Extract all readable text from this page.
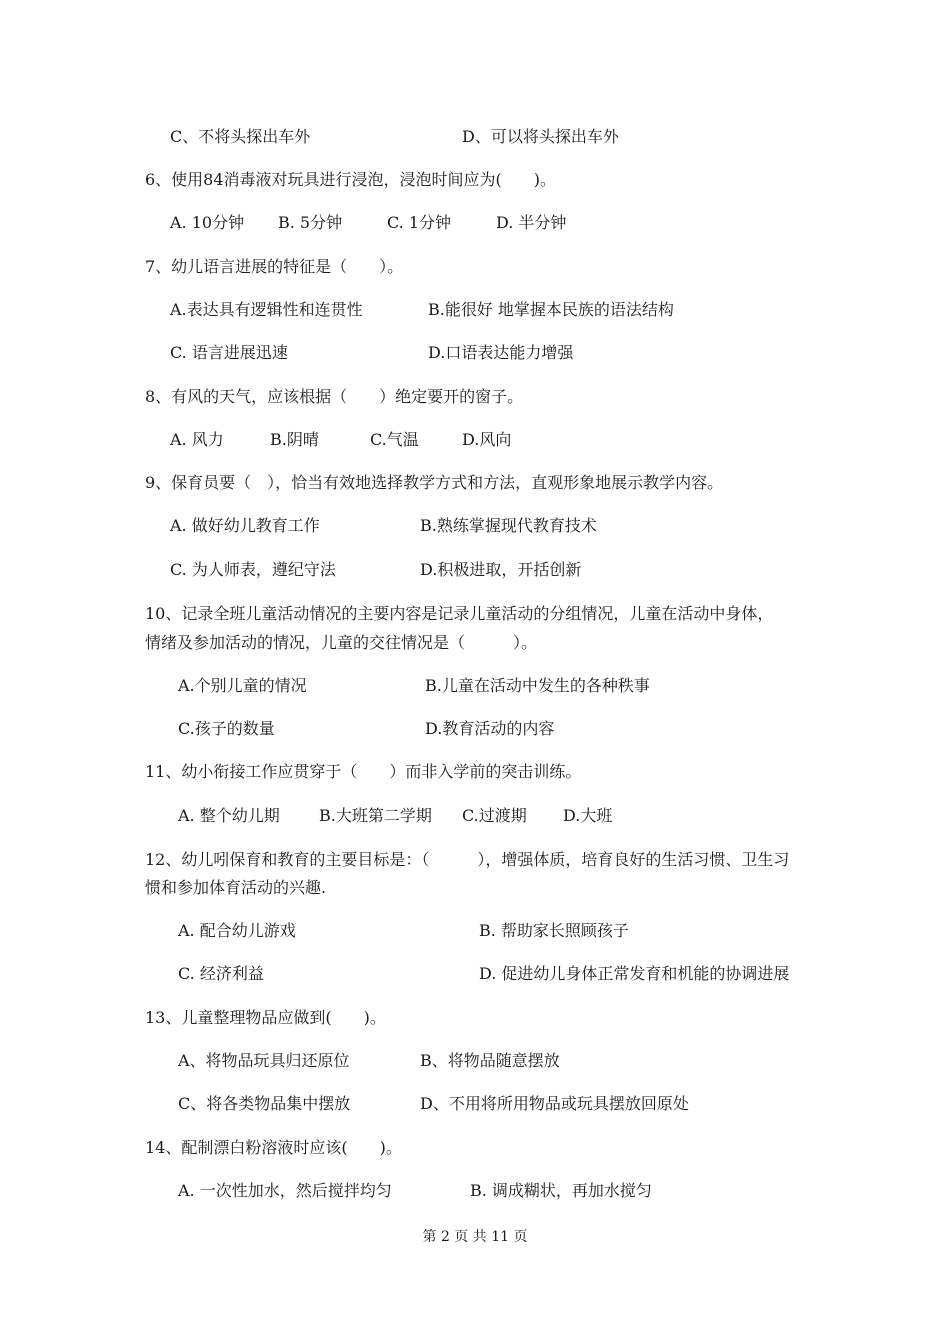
C、不将头探出车外	D、可以将头探出车外
6、使用84消毒液对玩具进行浸泡，浸泡时间应为(　　)。
A. 10分钟 B. 5分钟	C. 1分钟	D. 半分钟
7、幼儿语言进展的特征是（　　）。
A.表达具有逻辑性和连贯性	B.能很好 地掌握本民族的语法结构
C. 语言进展迅速	D.口语表达能力增强
8、有风的天气，应该根据（　　）绝定要开的窗子。
A. 风力	B.阴晴	C.气温	D.风向
9、保育员要（　），恰当有效地选择教学方式和方法，直观形象地展示教学内容。
A. 做好幼儿教育工作	B.熟练掌握现代教育技术
C. 为人师表，遵纪守法	D.积极进取，开括创新
10、记录全班儿童活动情况的主要内容是记录儿童活动的分组情况，儿童在活动中身体，
情绪及参加活动的情况，儿童的交往情况是（　　　）。
A.个别儿童的情况	B.儿童在活动中发生的各种秩事
C.孩子的数量	D.教育活动的内容
11、幼小衔接工作应贯穿于（　　）而非入学前的突击训练。
A. 整个幼儿期 B.大班第二学期 C.过渡期 D.大班
12、幼儿吲保育和教育的主要目标是：（　　　），增强体质，培育良好的生活习惯、卫生习
惯和参加体育活动的兴趣.
A. 配合幼儿游戏	B. 帮助家长照顾孩子
C. 经济利益	D. 促进幼儿身体正常发育和机能的协调进展
13、儿童整理物品应做到(　　)。
A、将物品玩具归还原位	B、将物品随意摆放
C、将各类物品集中摆放	D、不用将所用物品或玩具摆放回原处
14、配制漂白粉溶液时应该(　　)。
A. 一次性加水，然后搅拌均匀	B. 调成糊状，再加水搅匀
第 2 页 共 11 页
